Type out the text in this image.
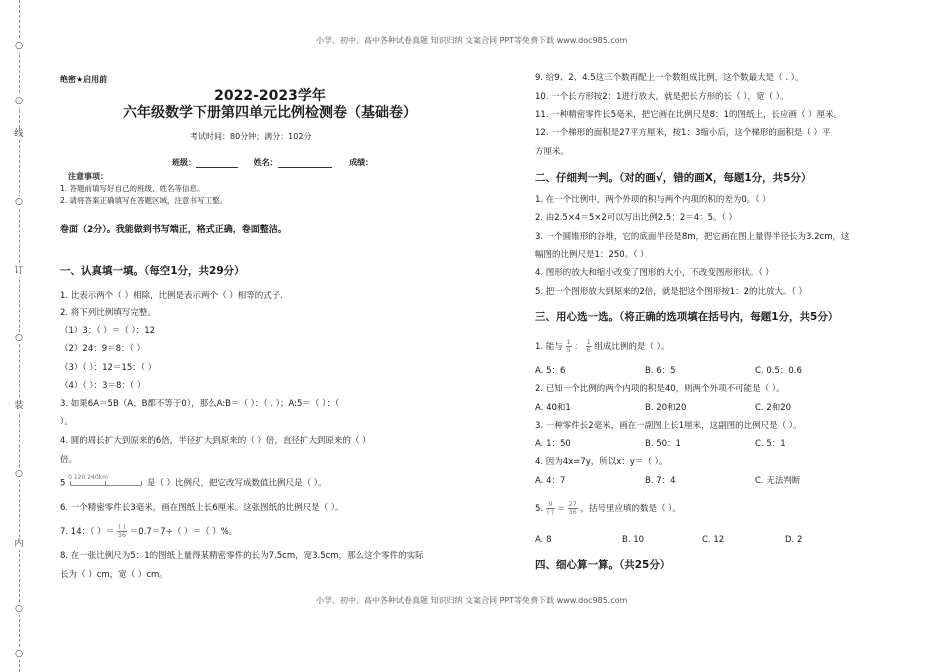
○
○
线
○
订
○
装
○
内
○
○
小学、初中、高中各种试卷真题 知识归纳 文案合同 PPT等免费下载 www.doc985.com
小学、初中、高中各种试卷真题 知识归纳 文案合同 PPT等免费下载 www.doc985.com
绝密★启用前
2022-2023学年
六年级数学下册第四单元比例检测卷（基础卷）
考试时间：80分钟；满分：102分
班级：	姓名：	成绩：
注意事项：
1. 答题前填写好自己的班级、姓名等信息。
2. 请将答案正确填写在答题区域，注意书写工整。
卷面（2分）。我能做到书写端正，格式正确，卷面整洁。
一、认真填一填。（每空1分，共29分）
1. 比表示两个（ ）相除，比例是表示两个（ ）相等的式子.
2. 将下列比例填写完整。
（1）3：（ ）＝（ ）：12
（2）24：9＝8：（ ）
（3）（ ）：12＝15：（ ）
（4）（ ）：3＝8：（ ）
3. 如果6A＝5B（A、B都不等于0），那么A:B＝（ ）：（ . ）；A:5＝（ ）：（
）。
4. 圆的周长扩大到原来的6倍，半径扩大到原来的（ ）倍，直径扩大到原来的（ ）
倍。
5
0 120 240km
是（ ）比例尺，把它改写成数值比例尺是（ ）。
6. 一个精密零件长3毫米，画在图纸上长6厘米。这张图纸的比例尺是（ ）。
7. 14：（ ）＝ $\frac{( )}{36} =0.7=7\div$（ ）＝（ ）%。
8. 在一张比例尺为5：1的图纸上量得某精密零件的长为7.5cm，宽3.5cm，那么这个零件的实际
长为（ ）cm，宽（ ）cm。
9. 给9、2、4.5这三个数再配上一个数组成比例，这个数最大是（ . ）。
10. 一个长方形按2：1进行放大，就是把长方形的长（ ），宽（ ）。
11. 一种精密零件长5毫米，把它画在比例尺是8：1的图纸上，长应画（ ）厘米。
12. 一个梯形的面积是27平方厘米，按1：3缩小后，这个梯形的面积是（ ）平
方厘米。
二、仔细判一判。（对的画√，错的画X，每题1分，共5分）
1. 在一个比例中，两个外项的积与两个内项的积的差为0。（ ）
2. 由2.5×4＝5×2可以写出比例2.5：2＝4：5。（ ）
3. 一个圆锥形的谷堆，它的底面半径是8m，把它画在图上量得半径长为3.2cm，这
幅图的比例尺是1：250。（ ）
4. 图形的放大和缩小改变了图形的大小，不改变图形形状。（ ）
5. 把一个图形放大到原来的2倍，就是把这个图形按1：2的比放大。（ ）
三、用心选一选。（将正确的选项填在括号内，每题1分，共5分）
1. 能与 $\frac{1}{5}$ ： $\frac{1}{6}$ 组成比例的是（ ）。
A. 5：6	B. 6：5	C. 0.5：0.6
2. 已知一个比例的两个内项的积是40，则两个外项不可能是（ ）。
A. 40和1	B. 20和20	C. 2和20
3. 一种零件长2毫米，画在一副图上长1厘米，这副图的比例尺是（ ）。
A. 1：50	B. 50：1	C. 5：1
4. 因为4x=7y，所以x：y＝（ ）。
A. 4：7	B. 7：4	C. 无法判断
5. $\frac{9}{( )} = \frac{27}{36}$ ，括号里应填的数是（ ）。
A. 8	B. 10	C. 12	D. 2
四、细心算一算。（共25分）
